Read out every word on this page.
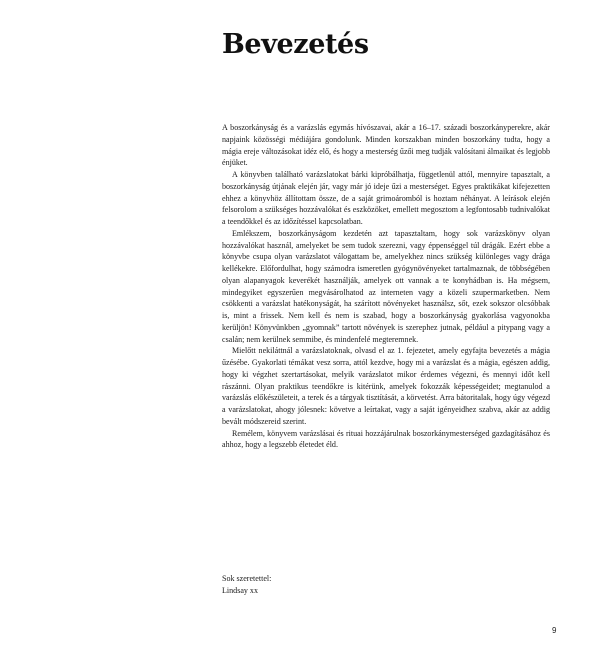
Bevezetés

A boszorkányság és a varázslás egymás hívószavai, akár a 16–17. századi boszorkányperekre, akár napjaink közösségi médiájára gondolunk. Minden korszakban minden boszorkány tudta, hogy a mágia ereje változásokat idéz elő, és hogy a mesterség űzői meg tudják valósítani álmaikat és legjobb énjüket.

A könyvben található varázslatokat bárki kipróbálhatja, függetlenül attól, mennyire tapasztalt, a boszorkányság útjának elején jár, vagy már jó ideje űzi a mesterséget. Egyes praktikákat kifejezetten ehhez a könyvhöz állítottam össze, de a saját grimoáromból is hoztam néhányat. A leírások elején felsorolom a szükséges hozzávalókat és eszközöket, emellett megosztom a legfontosabb tudnivalókat a teendőkkel és az időzítéssel kapcsolatban.

Emlékszem, boszorkányságom kezdetén azt tapasztaltam, hogy sok varázskönyv olyan hozzávalókat használ, amelyeket be sem tudok szerezni, vagy éppenséggel túl drágák. Ezért ebbe a könyvbe csupa olyan varázslatot válogattam be, amelyekhez nincs szükség különleges vagy drága kellékekre. Előfordulhat, hogy számodra ismeretlen gyógynövényeket tartalmaznak, de többségében olyan alapanyagok keverékét használják, amelyek ott vannak a te konyhádban is. Ha mégsem, mindegyiket egyszerűen megvásárolhatod az interneten vagy a közeli szupermarketben. Nem csökkenti a varázslat hatékonyságát, ha szárított növényeket használsz, sőt, ezek sokszor olcsóbbak is, mint a frissek. Nem kell és nem is szabad, hogy a boszorkányság gyakorlása vagyonokba kerüljön! Könyvünkben „gyomnak” tartott növények is szerephez jutnak, például a pitypang vagy a csalán; nem kerülnek semmibe, és mindenfelé megteremnek.

Mielőtt nekiláttnál a varázslatoknak, olvasd el az 1. fejezetet, amely egyfajta bevezetés a mágia űzésébe. Gyakorlati témákat vesz sorra, attól kezdve, hogy mi a varázslat és a mágia, egészen addig, hogy ki végzhet szertartásokat, melyik varázslatot mikor érdemes végezni, és mennyi időt kell rászánni. Olyan praktikus teendőkre is kitérünk, amelyek fokozzák képességeidet; megtanulod a varázslás előkészületeit, a terek és a tárgyak tisztítását, a körvetést. Arra bátoritalak, hogy úgy végezd a varázslatokat, ahogy jólesnek: követve a leírtakat, vagy a saját igényeidhez szabva, akár az addig bevált módszereid szerint.

Remélem, könyvem varázslásai és rituai hozzájárulnak boszorkánymesterséged gazdagításához és ahhoz, hogy a legszebb életedet éld.

Sok szeretettel:
Lindsay xx
9
